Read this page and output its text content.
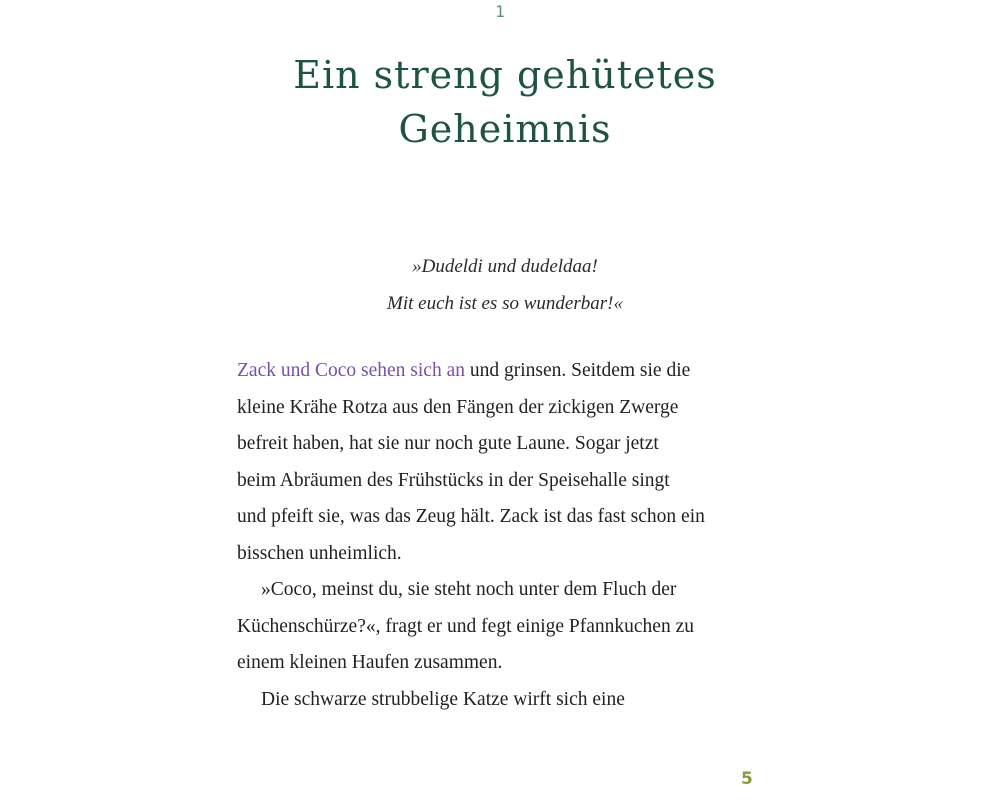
1
Ein streng gehütetes
Geheimnis
»Dudeldi und dudeldaa!
Mit euch ist es so wunderbar!«
Zack und Coco sehen sich an und grinsen. Seitdem sie die
kleine Krähe Rotza aus den Fängen der zickigen Zwerge
befreit haben, hat sie nur noch gute Laune. Sogar jetzt
beim Abräumen des Frühstücks in der Speisehalle singt
und pfeift sie, was das Zeug hält. Zack ist das fast schon ein
bisschen unheimlich.
»Coco, meinst du, sie steht noch unter dem Fluch der
Küchenschürze?«, fragt er und fegt einige Pfannkuchen zu
einem kleinen Haufen zusammen.
Die schwarze strubbelige Katze wirft sich eine
5
